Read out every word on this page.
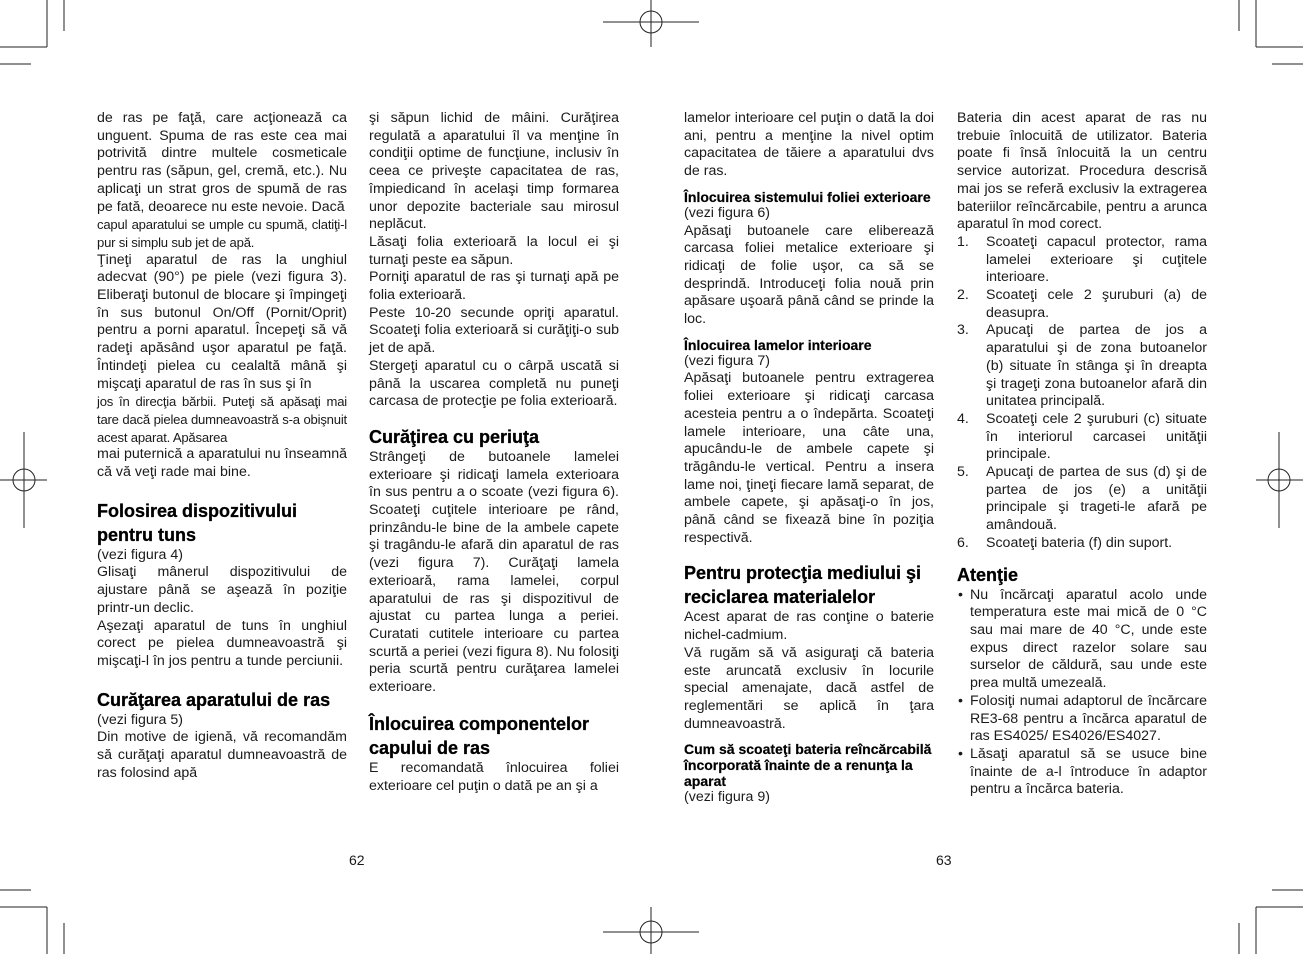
de ras pe faţă, care acţionează ca unguent. Spuma de ras este cea mai potrivită dintre multele cosmeticale pentru ras (săpun, gel, cremă, etc.). Nu aplicaţi un strat gros de spumă de ras pe fată, deoarece nu este nevoie. Dacă

capul aparatului se umple cu spumă, clatiţi-l pur si simplu sub jet de apă.

Ţineţi aparatul de ras la unghiul adecvat (90°) pe piele (vezi figura 3). Eliberaţi butonul de blocare şi împingeţi în sus butonul On/Off (Pornit/Oprit) pentru a porni aparatul. Începeţi să vă radeţi apăsând uşor aparatul pe faţă. Întindeţi pielea cu cealaltă mână şi mişcaţi aparatul de ras în sus şi în

jos în direcţia bărbii. Puteţi să apăsaţi mai tare dacă pielea dumneavoastră s-a obişnuit acest aparat. Apăsarea

mai puternică a aparatului nu înseamnă că vă veţi rade mai bine.

Folosirea dispozitivului pentru tuns

(vezi figura 4)

Glisaţi mânerul dispozitivului de ajustare până se aşează în poziţie printr-un declic.

Aşezaţi aparatul de tuns în unghiul corect pe pielea dumneavoastră şi mişcaţi-l în jos pentru a tunde perciunii.

Curăţarea aparatului de ras

(vezi figura 5)

Din motive de igienă, vă recomandăm să curăţaţi aparatul dumneavoastră de ras folosind apă

şi săpun lichid de mâini. Curăţirea regulată a aparatului îl va menţine în condiţii optime de funcţiune, inclusiv în ceea ce priveşte capacitatea de ras, împiedicand în acelaşi timp formarea unor depozite bacteriale sau mirosul neplăcut.

Lăsaţi folia exterioară la locul ei şi turnaţi peste ea săpun.

Porniţi aparatul de ras şi turnaţi apă pe folia exterioară.

Peste 10-20 secunde opriţi aparatul. Scoateţi folia exterioară si curăţiţi-o sub jet de apă.

Stergeţi aparatul cu o cârpă uscată si până la uscarea completă nu puneţi carcasa de protecţie pe folia exterioară.

Curăţirea cu periuţa

Strângeţi de butoanele lamelei exterioare şi ridicaţi lamela exterioara în sus pentru a o scoate (vezi figura 6). Scoateţi cuţitele interioare pe rând, prinzându-le bine de la ambele capete şi tragându-le afară din aparatul de ras (vezi figura 7). Curăţaţi lamela exterioară, rama lamelei, corpul aparatului de ras şi dispozitivul de ajustat cu partea lunga a periei. Curatati cutitele interioare cu partea scurtă a periei (vezi figura 8). Nu folosiţi peria scurtă pentru curăţarea lamelei exterioare.

Înlocuirea componentelor capului de ras

E recomandată înlocuirea foliei exterioare cel puţin o dată pe an şi a

lamelor interioare cel puţin o dată la doi ani, pentru a menţine la nivel optim capacitatea de tăiere a aparatului dvs de ras.

Înlocuirea sistemului foliei exterioare

(vezi figura 6)

Apăsaţi butoanele care eliberează carcasa foliei metalice exterioare şi ridicaţi de folie uşor, ca să se desprindă. Introduceţi folia nouă prin apăsare uşoară până când se prinde la loc.

Înlocuirea lamelor interioare

(vezi figura 7)

Apăsaţi butoanele pentru extragerea foliei exterioare şi ridicaţi carcasa acesteia pentru a o îndepărta. Scoateţi lamele interioare, una câte una, apucându-le de ambele capete şi trăgându-le vertical. Pentru a insera lame noi, ţineţi fiecare lamă separat, de ambele capete, şi apăsaţi-o în jos, până când se fixează bine în poziţia respectivă.

Pentru protecţia mediului şi reciclarea materialelor

Acest aparat de ras conţine o baterie nichel-cadmium.

Vă rugăm să vă asiguraţi că bateria este aruncată exclusiv în locurile special amenajate, dacă astfel de reglementări se aplică în ţara dumneavoastră.

Cum să scoateţi bateria reîncărcabilă încorporată înainte de a renunţa la aparat

(vezi figura 9)

Bateria din acest aparat de ras nu trebuie înlocuită de utilizator. Bateria poate fi însă înlocuită la un centru service autorizat. Procedura descrisă mai jos se referă exclusiv la extragerea bateriilor reîncărcabile, pentru a arunca aparatul în mod corect.

1. Scoateţi capacul protector, rama lamelei exterioare şi cuţitele interioare.
2. Scoateţi cele 2 şuruburi (a) de deasupra.
3. Apucaţi de partea de jos a aparatului şi de zona butoanelor (b) situate în stânga şi în dreapta şi trageţi zona butoanelor afară din unitatea principală.
4. Scoateţi cele 2 şuruburi (c) situate în interiorul carcasei unităţii principale.
5. Apucaţi de partea de sus (d) şi de partea de jos (e) a unităţii principale şi trageti-le afară pe amândouă.
6. Scoateţi bateria (f) din suport.
Atenţie
• Nu încărcaţi aparatul acolo unde temperatura este mai mică de 0 °C sau mai mare de 40 °C, unde este expus direct razelor solare sau surselor de căldură, sau unde este prea multă umezeală.
• Folosiţi numai adaptorul de încărcare RE3-68 pentru a încărca aparatul de ras ES4025/ ES4026/ES4027.
• Lăsaţi aparatul să se usuce bine înainte de a-l întroduce în adaptor pentru a încărca bateria.
62	63
